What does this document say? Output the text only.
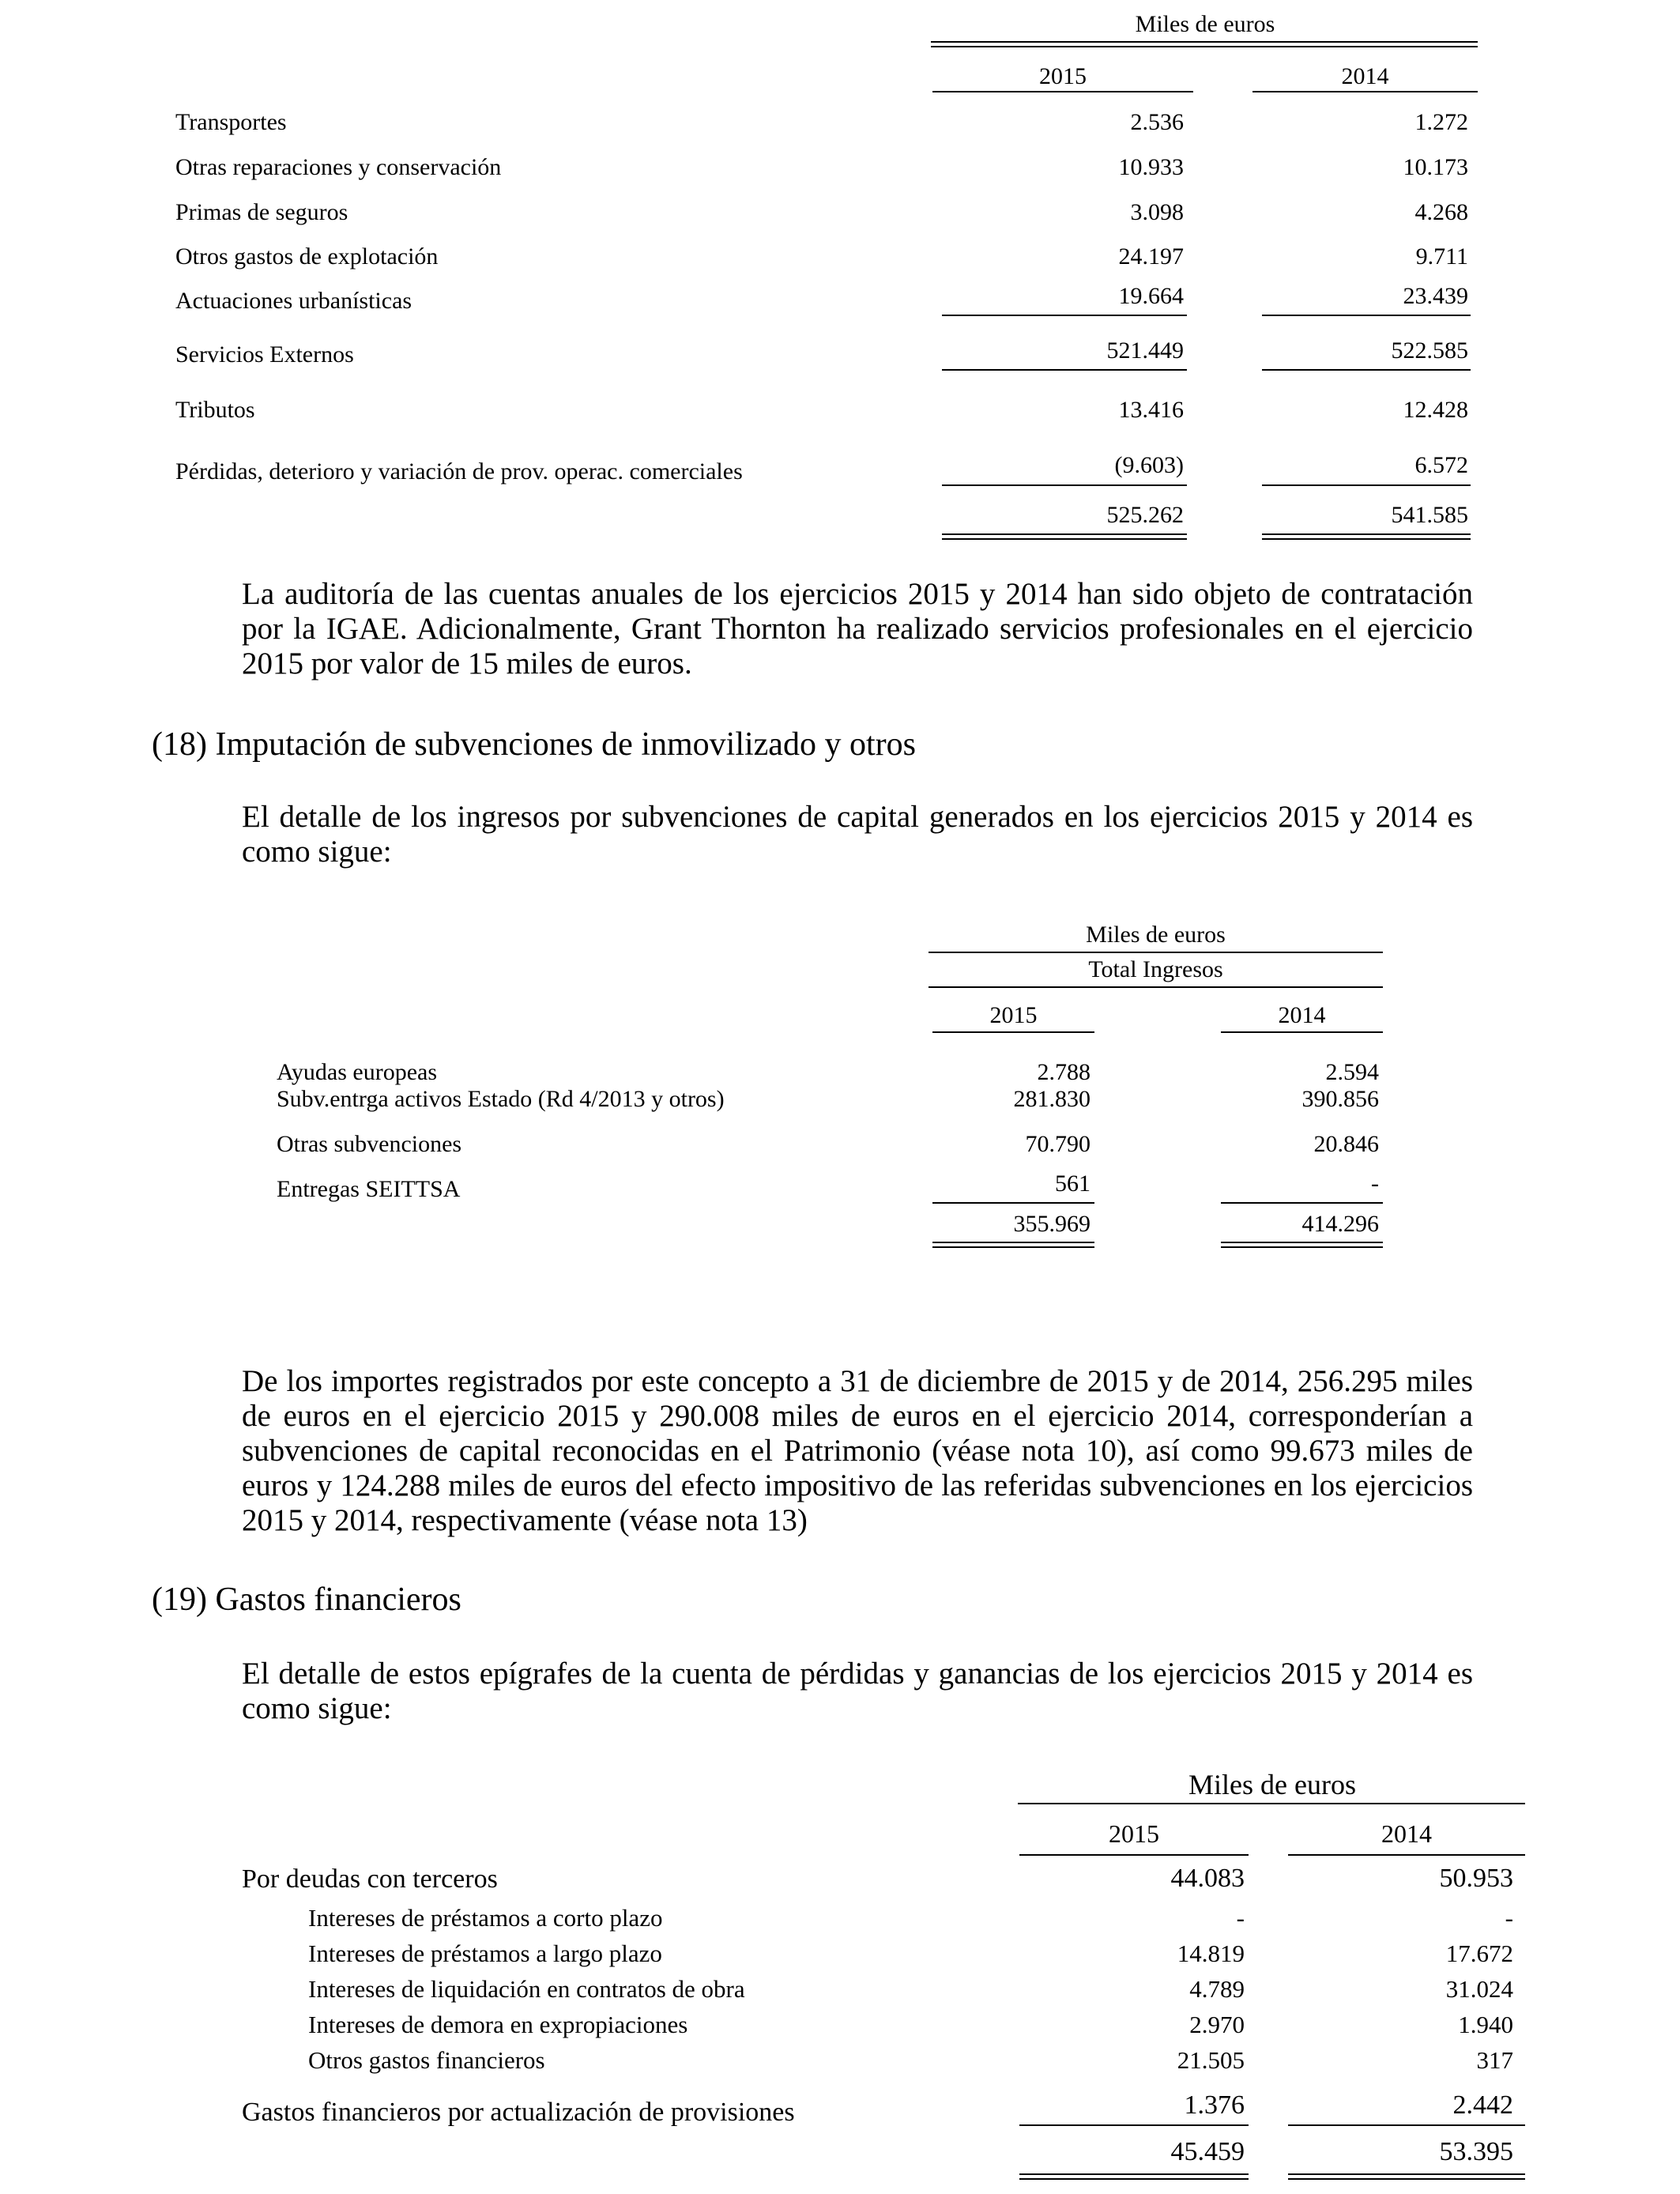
Miles de euros
2015	2014
Transportes	2.536	1.272
Otras reparaciones y conservación	10.933	10.173
Primas de seguros	3.098	4.268
Otros gastos de explotación	24.197	9.711
Actuaciones urbanísticas	19.664	23.439
Servicios Externos	521.449	522.585
Tributos	13.416	12.428
Pérdidas, deterioro y variación de prov. operac. comerciales	(9.603)	6.572
525.262	541.585
La auditoría de las cuentas anuales de los ejercicios 2015 y 2014 han sido objeto de contratación por la IGAE. Adicionalmente, Grant Thornton ha realizado servicios profesionales en el ejercicio 2015 por valor de 15 miles de euros.
(18) Imputación de subvenciones de inmovilizado y otros
El detalle de los ingresos por subvenciones de capital generados en los ejercicios 2015 y 2014 es como sigue:
Miles de euros
Total Ingresos
2015	2014
Ayudas europeas	2.788	2.594
Subv.entrga activos Estado (Rd 4/2013 y otros)	281.830	390.856
Otras subvenciones	70.790	20.846
Entregas SEITTSA	561	-
355.969	414.296
De los importes registrados por este concepto a 31 de diciembre de 2015 y de 2014, 256.295 miles de euros en el ejercicio 2015 y 290.008 miles de euros en el ejercicio 2014, corresponderían a subvenciones de capital reconocidas en el Patrimonio (véase nota 10), así como 99.673 miles de euros y 124.288 miles de euros del efecto impositivo de las referidas subvenciones en los ejercicios 2015 y 2014, respectivamente (véase nota 13)
(19) Gastos financieros
El detalle de estos epígrafes de la cuenta de pérdidas y ganancias de los ejercicios 2015 y 2014 es como sigue:
Miles de euros
2015	2014
Por deudas con terceros	44.083	50.953
Intereses de préstamos a corto plazo	-	-
Intereses de préstamos a largo plazo	14.819	17.672
Intereses de liquidación en contratos de obra	4.789	31.024
Intereses de demora en expropiaciones	2.970	1.940
Otros gastos financieros	21.505	317
Gastos financieros por actualización de provisiones	1.376	2.442
45.459	53.395
